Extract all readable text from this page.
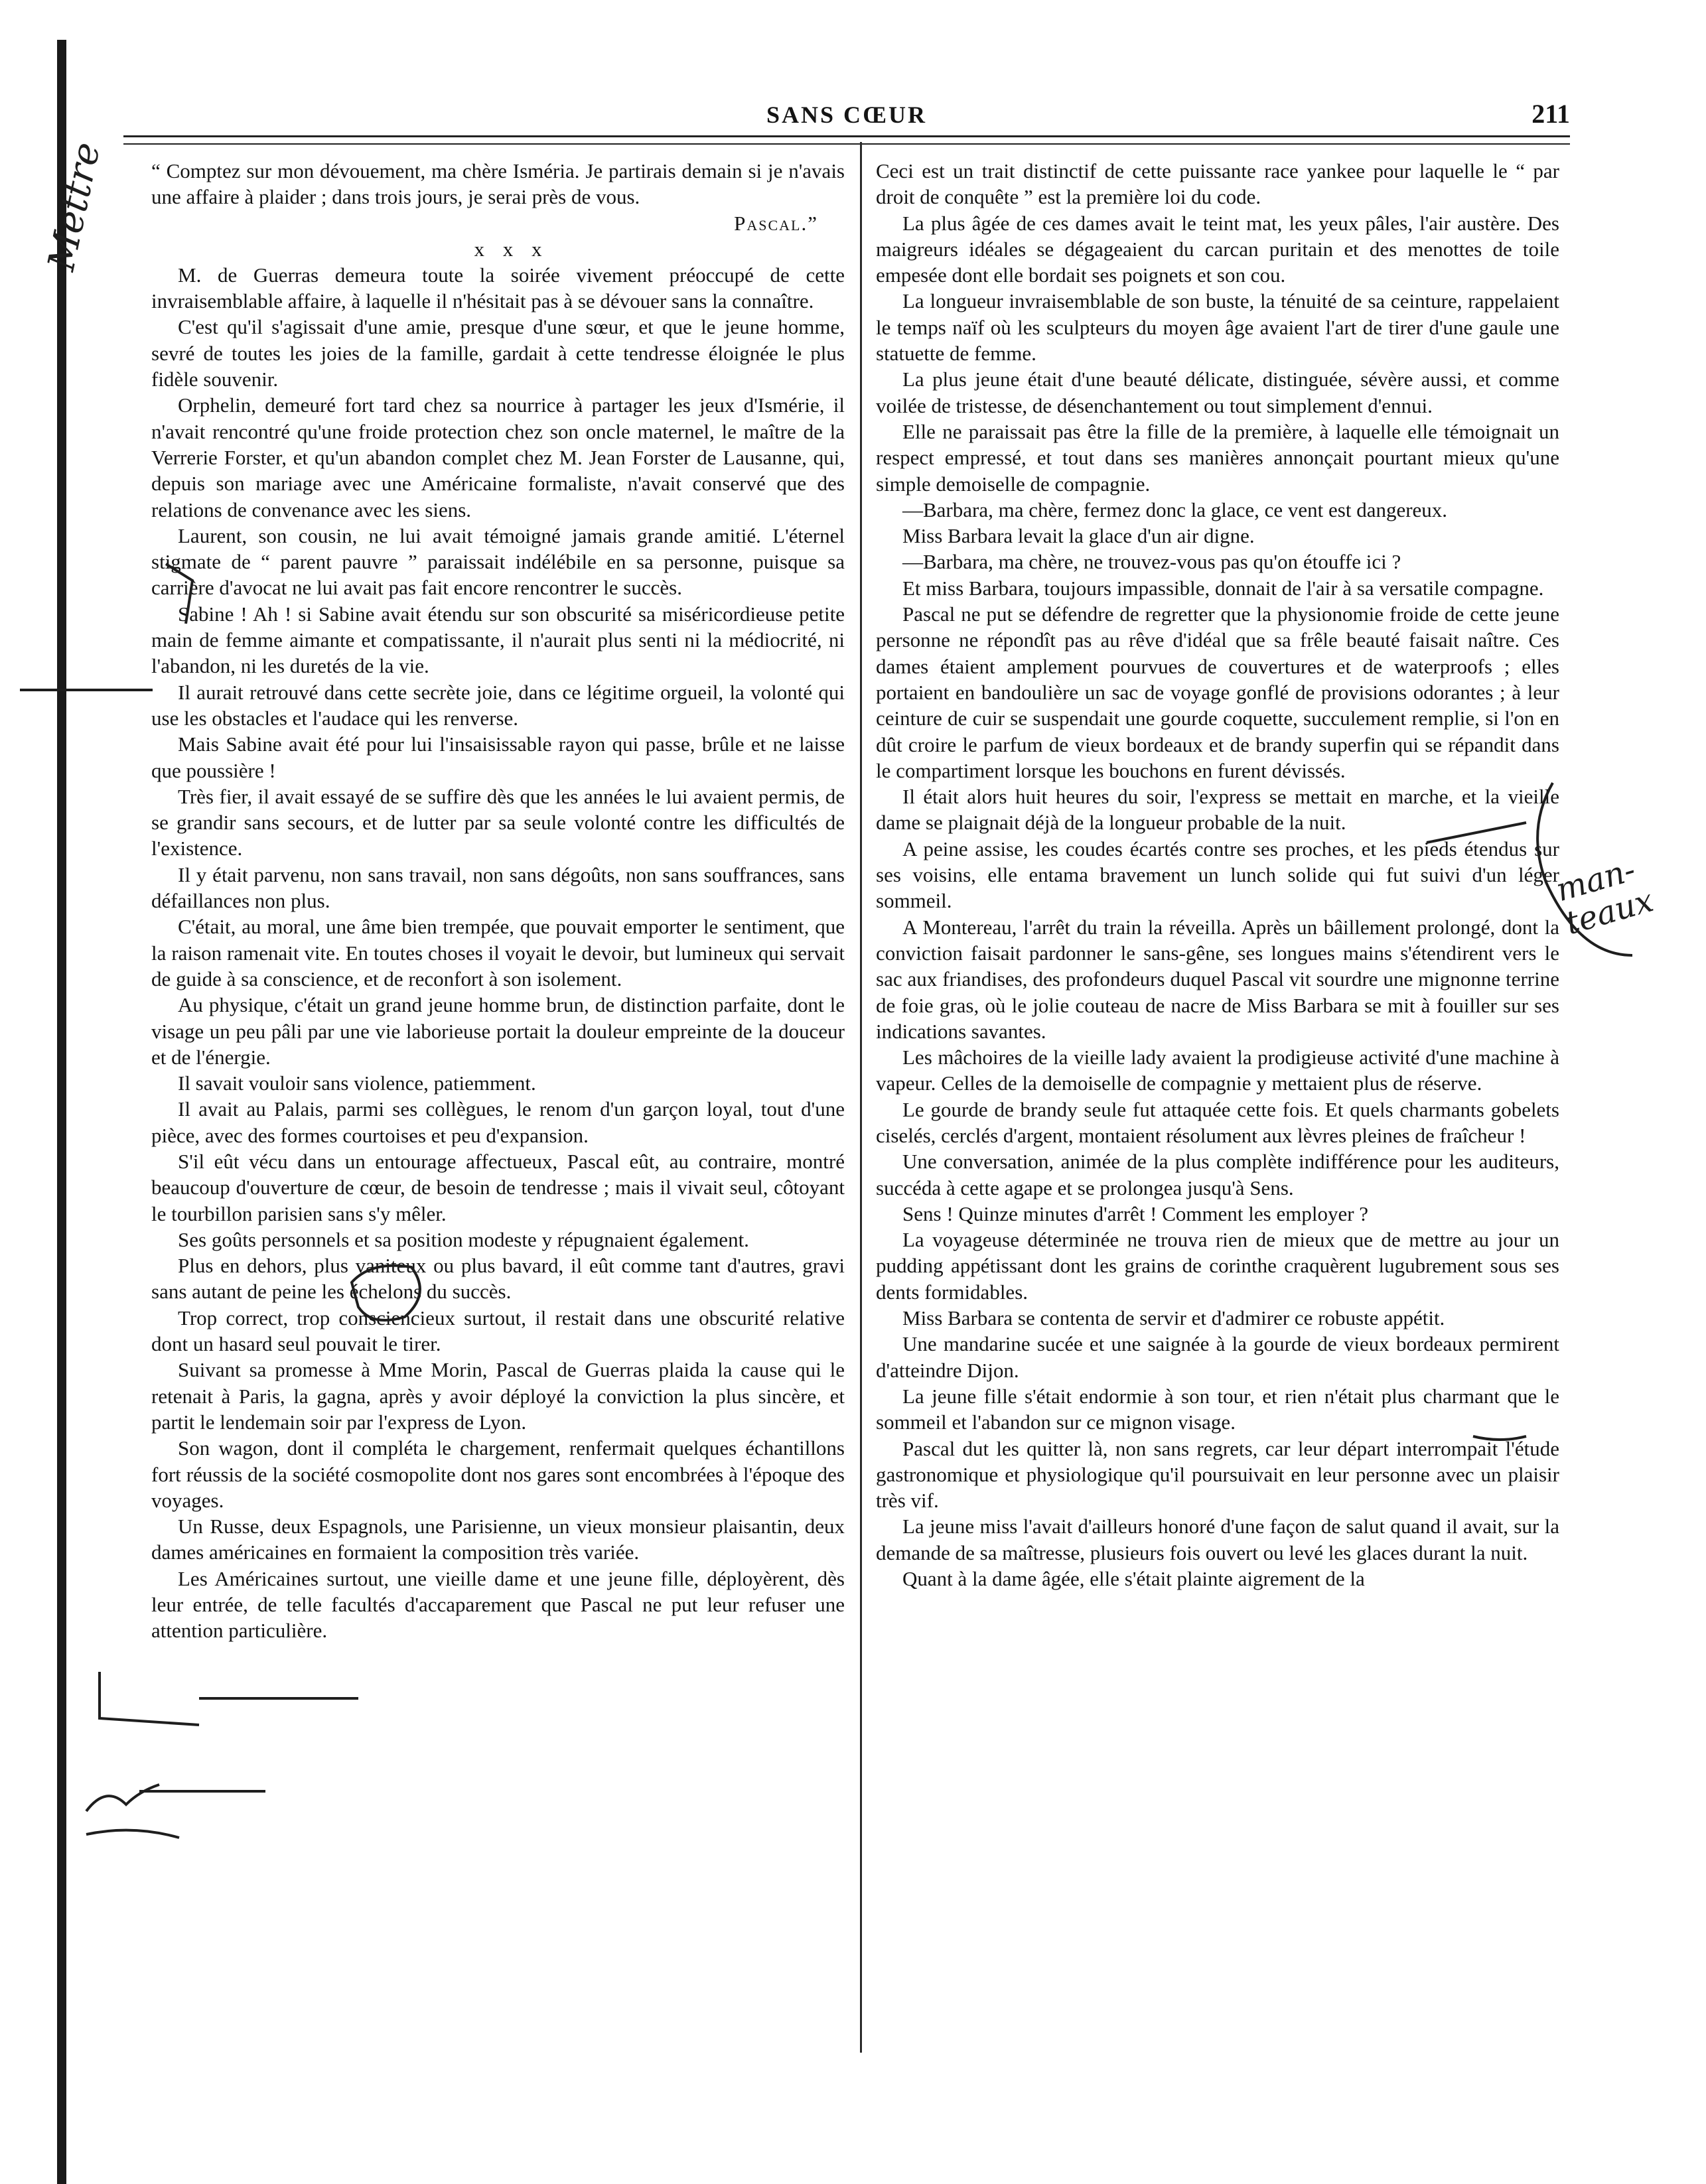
SANS CŒUR	211

“ Comptez sur mon dévouement, ma chère Isméria. Je partirais demain si je n'avais une affaire à plaider ; dans trois jours, je serai près de vous.

Pascal.”

x x x

M. de Guerras demeura toute la soirée vivement préoccupé de cette invraisemblable affaire, à laquelle il n'hésitait pas à se dévouer sans la connaître.

C'est qu'il s'agissait d'une amie, presque d'une sœur, et que le jeune homme, sevré de toutes les joies de la famille, gardait à cette tendresse éloignée le plus fidèle souvenir.

Orphelin, demeuré fort tard chez sa nourrice à partager les jeux d'Ismérie, il n'avait rencontré qu'une froide protection chez son oncle maternel, le maître de la Verrerie Forster, et qu'un abandon complet chez M. Jean Forster de Lausanne, qui, depuis son mariage avec une Américaine formaliste, n'avait conservé que des relations de convenance avec les siens.

Laurent, son cousin, ne lui avait témoigné jamais grande amitié. L'éternel stigmate de “ parent pauvre ” paraissait indélébile en sa personne, puisque sa carrière d'avocat ne lui avait pas fait encore rencontrer le succès.

Sabine ! Ah ! si Sabine avait étendu sur son obscurité sa miséricordieuse petite main de femme aimante et compatissante, il n'aurait plus senti ni la médiocrité, ni l'abandon, ni les duretés de la vie.

Il aurait retrouvé dans cette secrète joie, dans ce légitime orgueil, la volonté qui use les obstacles et l'audace qui les renverse.

Mais Sabine avait été pour lui l'insaisissable rayon qui passe, brûle et ne laisse que poussière !

Très fier, il avait essayé de se suffire dès que les années le lui avaient permis, de se grandir sans secours, et de lutter par sa seule volonté contre les difficultés de l'existence.

Il y était parvenu, non sans travail, non sans dégoûts, non sans souffrances, sans défaillances non plus.

C'était, au moral, une âme bien trempée, que pouvait emporter le sentiment, que la raison ramenait vite. En toutes choses il voyait le devoir, but lumineux qui servait de guide à sa conscience, et de reconfort à son isolement.

Au physique, c'était un grand jeune homme brun, de distinction parfaite, dont le visage un peu pâli par une vie laborieuse portait la douleur empreinte de la douceur et de l'énergie.

Il savait vouloir sans violence, patiemment.

Il avait au Palais, parmi ses collègues, le renom d'un garçon loyal, tout d'une pièce, avec des formes courtoises et peu d'expansion.

S'il eût vécu dans un entourage affectueux, Pascal eût, au contraire, montré beaucoup d'ouverture de cœur, de besoin de tendresse ; mais il vivait seul, côtoyant le tourbillon parisien sans s'y mêler.

Ses goûts personnels et sa position modeste y répugnaient également.

Plus en dehors, plus vaniteux ou plus bavard, il eût comme tant d'autres, gravi sans autant de peine les échelons du succès.

Trop correct, trop consciencieux surtout, il restait dans une obscurité relative dont un hasard seul pouvait le tirer.

Suivant sa promesse à Mme Morin, Pascal de Guerras plaida la cause qui le retenait à Paris, la gagna, après y avoir déployé la conviction la plus sincère, et partit le lendemain soir par l'express de Lyon.

Son wagon, dont il compléta le chargement, renfermait quelques échantillons fort réussis de la société cosmopolite dont nos gares sont encombrées à l'époque des voyages.

Un Russe, deux Espagnols, une Parisienne, un vieux monsieur plaisantin, deux dames américaines en formaient la composition très variée.

Les Américaines surtout, une vieille dame et une jeune fille, déployèrent, dès leur entrée, de telle facultés d'accaparement que Pascal ne put leur refuser une attention particulière.

Ceci est un trait distinctif de cette puissante race yankee pour laquelle le “ par droit de conquête ” est la première loi du code.

La plus âgée de ces dames avait le teint mat, les yeux pâles, l'air austère. Des maigreurs idéales se dégageaient du carcan puritain et des menottes de toile empesée dont elle bordait ses poignets et son cou.

La longueur invraisemblable de son buste, la ténuité de sa ceinture, rappelaient le temps naïf où les sculpteurs du moyen âge avaient l'art de tirer d'une gaule une statuette de femme.

La plus jeune était d'une beauté délicate, distinguée, sévère aussi, et comme voilée de tristesse, de désenchantement ou tout simplement d'ennui.

Elle ne paraissait pas être la fille de la première, à laquelle elle témoignait un respect empressé, et tout dans ses manières annonçait pourtant mieux qu'une simple demoiselle de compagnie.

—Barbara, ma chère, fermez donc la glace, ce vent est dangereux.

Miss Barbara levait la glace d'un air digne.

—Barbara, ma chère, ne trouvez-vous pas qu'on étouffe ici ?

Et miss Barbara, toujours impassible, donnait de l'air à sa versatile compagne.

Pascal ne put se défendre de regretter que la physionomie froide de cette jeune personne ne répondît pas au rêve d'idéal que sa frêle beauté faisait naître. Ces dames étaient amplement pourvues de couvertures et de waterproofs ; elles portaient en bandoulière un sac de voyage gonflé de provisions odorantes ; à leur ceinture de cuir se suspendait une gourde coquette, succulement remplie, si l'on en dût croire le parfum de vieux bordeaux et de brandy superfin qui se répandit dans le compartiment lorsque les bouchons en furent dévissés.

Il était alors huit heures du soir, l'express se mettait en marche, et la vieille dame se plaignait déjà de la longueur probable de la nuit.

A peine assise, les coudes écartés contre ses proches, et les pieds étendus sur ses voisins, elle entama bravement un lunch solide qui fut suivi d'un léger sommeil.

A Montereau, l'arrêt du train la réveilla. Après un bâillement prolongé, dont la conviction faisait pardonner le sans-gêne, ses longues mains s'étendirent vers le sac aux friandises, des profondeurs duquel Pascal vit sourdre une mignonne terrine de foie gras, où le jolie couteau de nacre de Miss Barbara se mit à fouiller sur ses indications savantes.

Les mâchoires de la vieille lady avaient la prodigieuse activité d'une machine à vapeur. Celles de la demoiselle de compagnie y mettaient plus de réserve.

Le gourde de brandy seule fut attaquée cette fois. Et quels charmants gobelets ciselés, cerclés d'argent, montaient résolument aux lèvres pleines de fraîcheur !

Une conversation, animée de la plus complète indifférence pour les auditeurs, succéda à cette agape et se prolongea jusqu'à Sens.

Sens ! Quinze minutes d'arrêt ! Comment les employer ?

La voyageuse déterminée ne trouva rien de mieux que de mettre au jour un pudding appétissant dont les grains de corinthe craquèrent lugubrement sous ses dents formidables.

Miss Barbara se contenta de servir et d'admirer ce robuste appétit.

Une mandarine sucée et une saignée à la gourde de vieux bordeaux permirent d'atteindre Dijon.

La jeune fille s'était endormie à son tour, et rien n'était plus charmant que le sommeil et l'abandon sur ce mignon visage.

Pascal dut les quitter là, non sans regrets, car leur départ interrompait l'étude gastronomique et physiologique qu'il poursuivait en leur personne avec un plaisir très vif.

La jeune miss l'avait d'ailleurs honoré d'une façon de salut quand il avait, sur la demande de sa maîtresse, plusieurs fois ouvert ou levé les glaces durant la nuit.

Quant à la dame âgée, elle s'était plainte aigrement de la

Mettre
man-teaux
